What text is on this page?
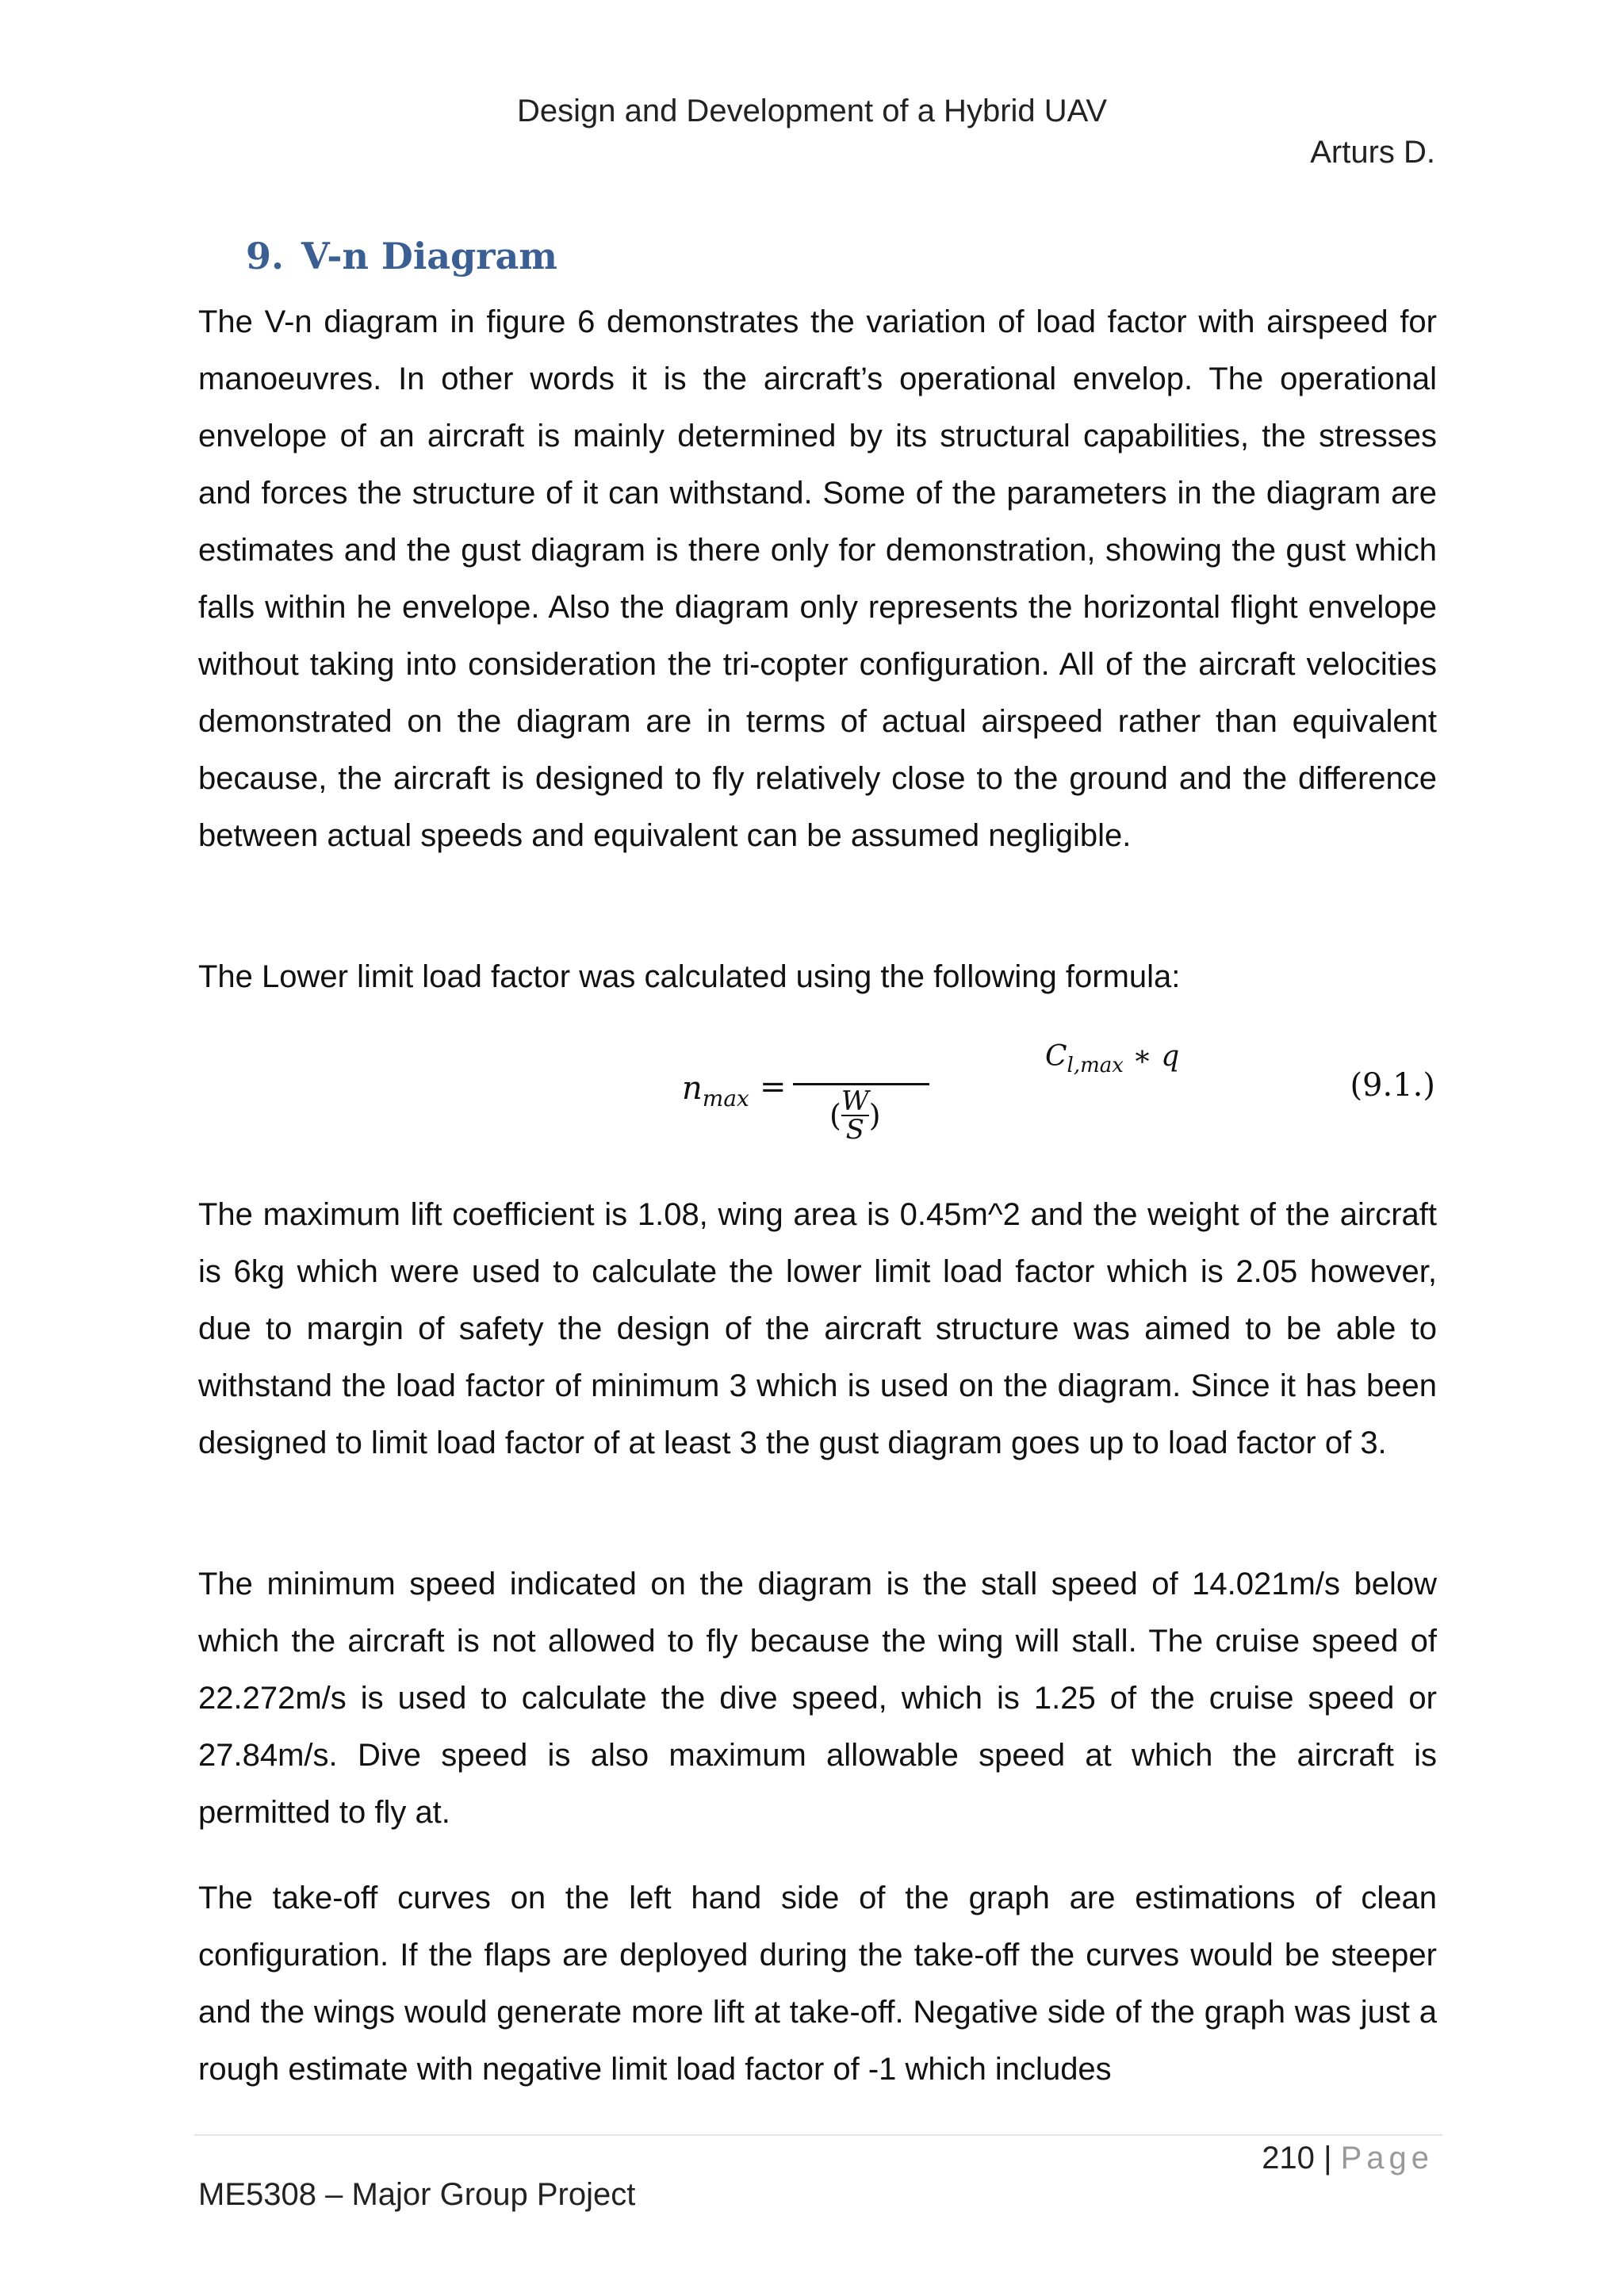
Design and Development of a Hybrid UAV
Arturs D.
9. V-n Diagram

The V-n diagram in figure 6 demonstrates the variation of load factor with airspeed for manoeuvres. In other words it is the aircraft’s operational envelop. The operational envelope of an aircraft is mainly determined by its structural capabilities, the stresses and forces the structure of it can withstand. Some of the parameters in the diagram are estimates and the gust diagram is there only for demonstration, showing the gust which falls within he envelope. Also the diagram only represents the horizontal flight envelope without taking into consideration the tri-copter configuration. All of the aircraft velocities demonstrated on the diagram are in terms of actual airspeed rather than equivalent because, the aircraft is designed to fly relatively close to the ground and the difference between actual speeds and equivalent can be assumed negligible.

The Lower limit load factor was calculated using the following formula:

$n_{max}$ =
$C_{l,max}$ ∗ q
( $\frac{W}{S}$ )
(9.1.)

The maximum lift coefficient is 1.08, wing area is 0.45m^2 and the weight of the aircraft is 6kg which were used to calculate the lower limit load factor which is 2.05 however, due to margin of safety the design of the aircraft structure was aimed to be able to withstand the load factor of minimum 3 which is used on the diagram. Since it has been designed to limit load factor of at least 3 the gust diagram goes up to load factor of 3.

The minimum speed indicated on the diagram is the stall speed of 14.021m/s below which the aircraft is not allowed to fly because the wing will stall. The cruise speed of 22.272m/s is used to calculate the dive speed, which is 1.25 of the cruise speed or 27.84m/s. Dive speed is also maximum allowable speed at which the aircraft is permitted to fly at.

The take-off curves on the left hand side of the graph are estimations of clean configuration. If the flaps are deployed during the take-off the curves would be steeper and the wings would generate more lift at take-off. Negative side of the graph was just a rough estimate with negative limit load factor of -1 which includes

210 | Page
ME5308 – Major Group Project
